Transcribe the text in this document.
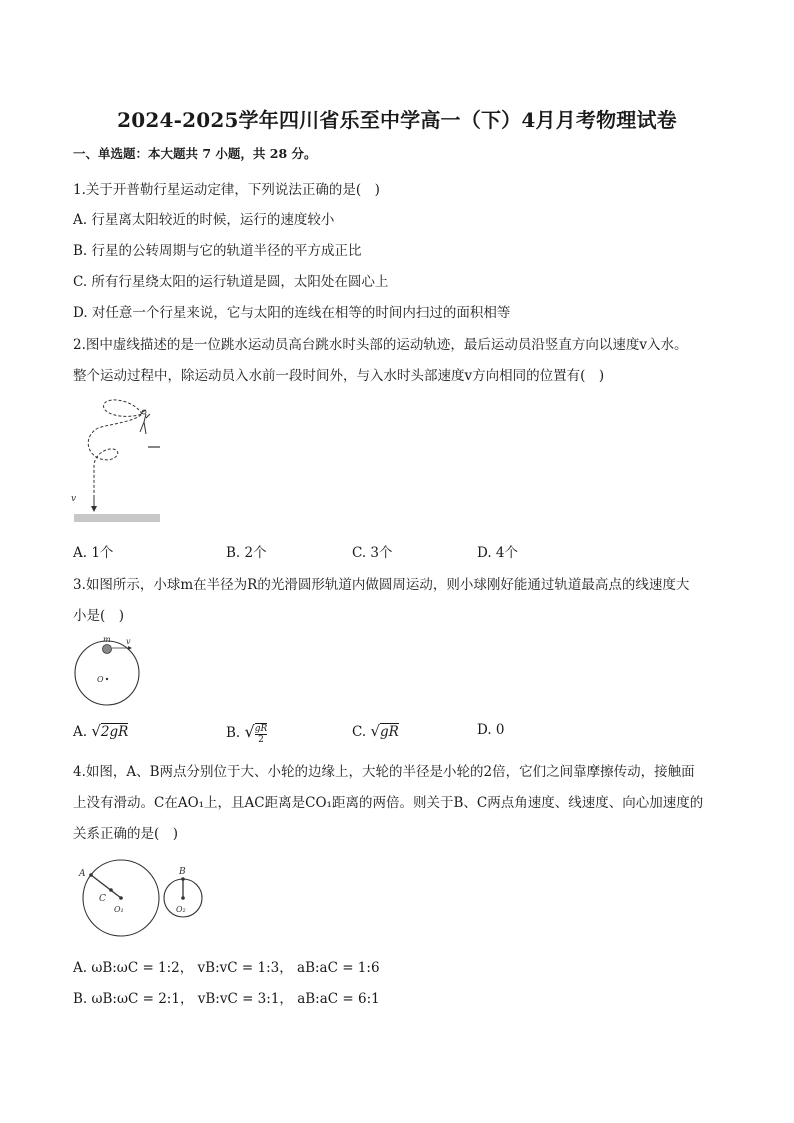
2024-2025学年四川省乐至中学高一（下）4月月考物理试卷
一、单选题：本大题共 7 小题，共 28 分。
1.关于开普勒行星运动定律，下列说法正确的是(　)
A. 行星离太阳较近的时候，运行的速度较小
B. 行星的公转周期与它的轨道半径的平方成正比
C. 所有行星绕太阳的运行轨道是圆，太阳处在圆心上
D. 对任意一个行星来说，它与太阳的连线在相等的时间内扫过的面积相等
2.图中虚线描述的是一位跳水运动员高台跳水时头部的运动轨迹，最后运动员沿竖直方向以速度v入水。
整个运动过程中，除运动员入水前一段时间外，与入水时头部速度v方向相同的位置有(　)
v
A. 1个	B. 2个	C. 3个	D. 4个
3.如图所示，小球m在半径为R的光滑圆形轨道内做圆周运动，则小球刚好能通过轨道最高点的线速度大
小是(　)
m v
O
A. √2gR	B. √ $\frac{gR}{2}$	C. √gR	D. 0
4.如图，A、B两点分别位于大、小轮的边缘上，大轮的半径是小轮的2倍，它们之间靠摩擦传动，接触面
上没有滑动。C在AO₁上，且AC距离是CO₁距离的两倍。则关于B、C两点角速度、线速度、向心加速度的
关系正确的是(　)
A
C
O₁
B
O₂
A. ωB:ωC = 1:2， vB:vC = 1:3， aB:aC = 1:6
B. ωB:ωC = 2:1， vB:vC = 3:1， aB:aC = 6:1
